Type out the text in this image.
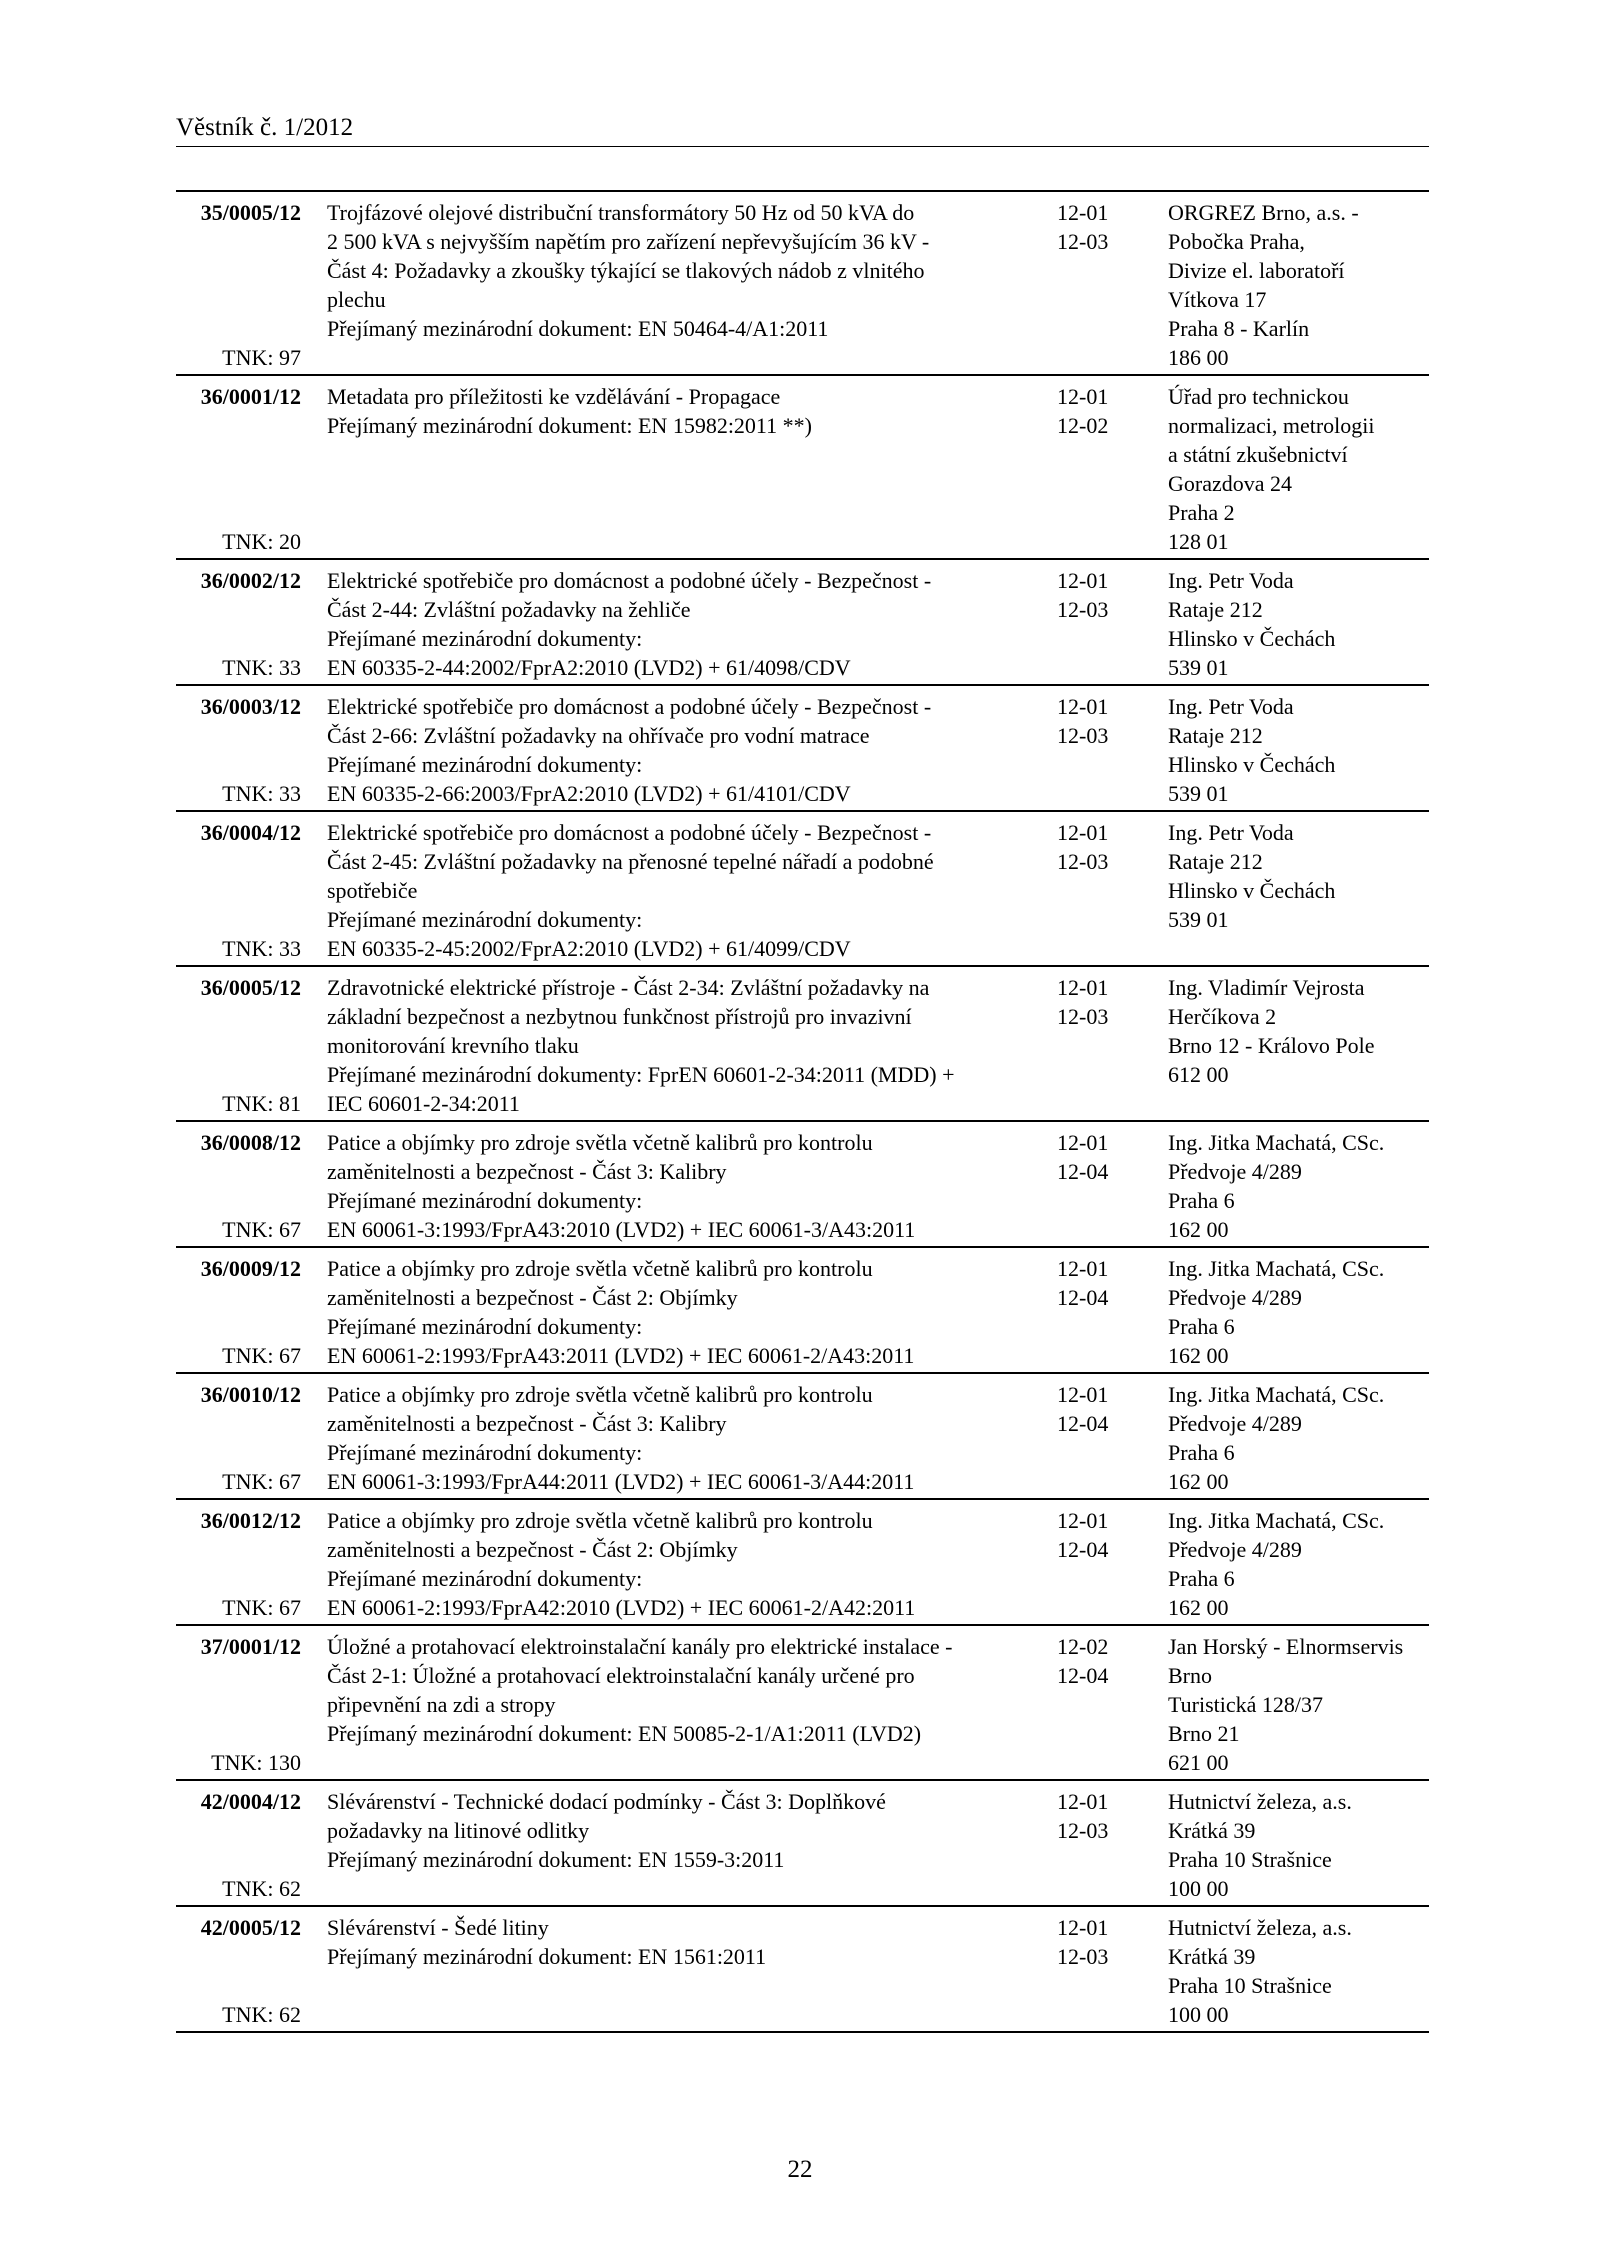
Věstník č. 1/2012
35/0005/12
TNK: 97
Trojfázové olejové distribuční transformátory 50 Hz od 50 kVA do
2 500 kVA s nejvyšším napětím pro zařízení nepřevyšujícím 36 kV -
Část 4: Požadavky a zkoušky týkající se tlakových nádob z vlnitého
plechu
Přejímaný mezinárodní dokument: EN 50464-4/A1:2011
12-01
12-03
ORGREZ Brno, a.s. -
Pobočka Praha,
Divize el. laboratoří
Vítkova 17
Praha 8 - Karlín
186 00
36/0001/12
TNK: 20
Metadata pro příležitosti ke vzdělávání - Propagace
Přejímaný mezinárodní dokument: EN 15982:2011 **)
12-01
12-02
Úřad pro technickou
normalizaci, metrologii
a státní zkušebnictví
Gorazdova 24
Praha 2
128 01
36/0002/12
TNK: 33
Elektrické spotřebiče pro domácnost a podobné účely - Bezpečnost -
Část 2-44: Zvláštní požadavky na žehliče
Přejímané mezinárodní dokumenty:
EN 60335-2-44:2002/FprA2:2010 (LVD2) + 61/4098/CDV
12-01
12-03
Ing. Petr Voda
Rataje 212
Hlinsko v Čechách
539 01
36/0003/12
TNK: 33
Elektrické spotřebiče pro domácnost a podobné účely - Bezpečnost -
Část 2-66: Zvláštní požadavky na ohřívače pro vodní matrace
Přejímané mezinárodní dokumenty:
EN 60335-2-66:2003/FprA2:2010 (LVD2) + 61/4101/CDV
12-01
12-03
Ing. Petr Voda
Rataje 212
Hlinsko v Čechách
539 01
36/0004/12
TNK: 33
Elektrické spotřebiče pro domácnost a podobné účely - Bezpečnost -
Část 2-45: Zvláštní požadavky na přenosné tepelné nářadí a podobné
spotřebiče
Přejímané mezinárodní dokumenty:
EN 60335-2-45:2002/FprA2:2010 (LVD2) + 61/4099/CDV
12-01
12-03
Ing. Petr Voda
Rataje 212
Hlinsko v Čechách
539 01
36/0005/12
TNK: 81
Zdravotnické elektrické přístroje - Část 2-34: Zvláštní požadavky na
základní bezpečnost a nezbytnou funkčnost přístrojů pro invazivní
monitorování krevního tlaku
Přejímané mezinárodní dokumenty: FprEN 60601-2-34:2011 (MDD) +
IEC 60601-2-34:2011
12-01
12-03
Ing. Vladimír Vejrosta
Herčíkova 2
Brno 12 - Královo Pole
612 00
36/0008/12
TNK: 67
Patice a objímky pro zdroje světla včetně kalibrů pro kontrolu
zaměnitelnosti a bezpečnost - Část 3: Kalibry
Přejímané mezinárodní dokumenty:
EN 60061-3:1993/FprA43:2010 (LVD2) + IEC 60061-3/A43:2011
12-01
12-04
Ing. Jitka Machatá, CSc.
Předvoje 4/289
Praha 6
162 00
36/0009/12
TNK: 67
Patice a objímky pro zdroje světla včetně kalibrů pro kontrolu
zaměnitelnosti a bezpečnost - Část 2: Objímky
Přejímané mezinárodní dokumenty:
EN 60061-2:1993/FprA43:2011 (LVD2) + IEC 60061-2/A43:2011
12-01
12-04
Ing. Jitka Machatá, CSc.
Předvoje 4/289
Praha 6
162 00
36/0010/12
TNK: 67
Patice a objímky pro zdroje světla včetně kalibrů pro kontrolu
zaměnitelnosti a bezpečnost - Část 3: Kalibry
Přejímané mezinárodní dokumenty:
EN 60061-3:1993/FprA44:2011 (LVD2) + IEC 60061-3/A44:2011
12-01
12-04
Ing. Jitka Machatá, CSc.
Předvoje 4/289
Praha 6
162 00
36/0012/12
TNK: 67
Patice a objímky pro zdroje světla včetně kalibrů pro kontrolu
zaměnitelnosti a bezpečnost - Část 2: Objímky
Přejímané mezinárodní dokumenty:
EN 60061-2:1993/FprA42:2010 (LVD2) + IEC 60061-2/A42:2011
12-01
12-04
Ing. Jitka Machatá, CSc.
Předvoje 4/289
Praha 6
162 00
37/0001/12
TNK: 130
Úložné a protahovací elektroinstalační kanály pro elektrické instalace -
Část 2-1: Úložné a protahovací elektroinstalační kanály určené pro
připevnění na zdi a stropy
Přejímaný mezinárodní dokument: EN 50085-2-1/A1:2011 (LVD2)
12-02
12-04
Jan Horský - Elnormservis
Brno
Turistická 128/37
Brno 21
621 00
42/0004/12
TNK: 62
Slévárenství - Technické dodací podmínky - Část 3: Doplňkové
požadavky na litinové odlitky
Přejímaný mezinárodní dokument: EN 1559-3:2011
12-01
12-03
Hutnictví železa, a.s.
Krátká 39
Praha 10 Strašnice
100 00
42/0005/12
TNK: 62
Slévárenství - Šedé litiny
Přejímaný mezinárodní dokument: EN 1561:2011
12-01
12-03
Hutnictví železa, a.s.
Krátká 39
Praha 10 Strašnice
100 00
22
